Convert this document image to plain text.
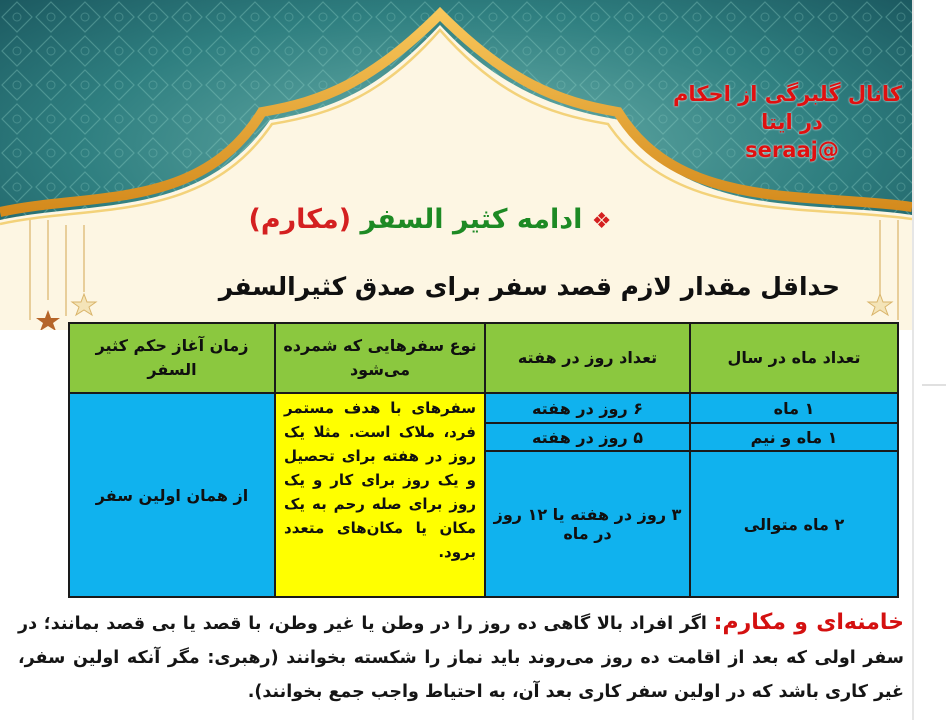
کانال گلبرگی از احکام
در ایتا
@seraaj
❖ ادامه کثیر السفر (مکارم)
حداقل مقدار لازم قصد سفر برای صدق کثیرالسفر
تعداد ماه در سال	تعداد روز در هفته	نوع سفرهایی که شمرده می‌شود	زمان آغاز حکم کثیر السفر
۱ ماه	۶ روز در هفته	سفرهای با هدف مستمر فرد، ملاک است. مثلا یک روز در هفته برای تحصیل و یک روز برای کار و یک روز برای صله رحم به یک مکان یا مکان‌های متعدد برود.	از همان اولین سفر
۱ ماه و نیم	۵ روز در هفته		
۲ ماه متوالی	۳ روز در هفته یا ۱۲ روز در ماه		
خامنه‌ای و مکارم: اگر افراد بالا گاهی ده روز را در وطن یا غیر وطن، با قصد یا بی قصد بمانند؛ در سفر اولی که بعد از اقامت ده روز می‌روند باید نماز را شکسته بخوانند (رهبری: مگر آنکه اولین سفر، غیر کاری باشد که در اولین سفر کاری بعد آن، به احتیاط واجب جمع بخوانند).
